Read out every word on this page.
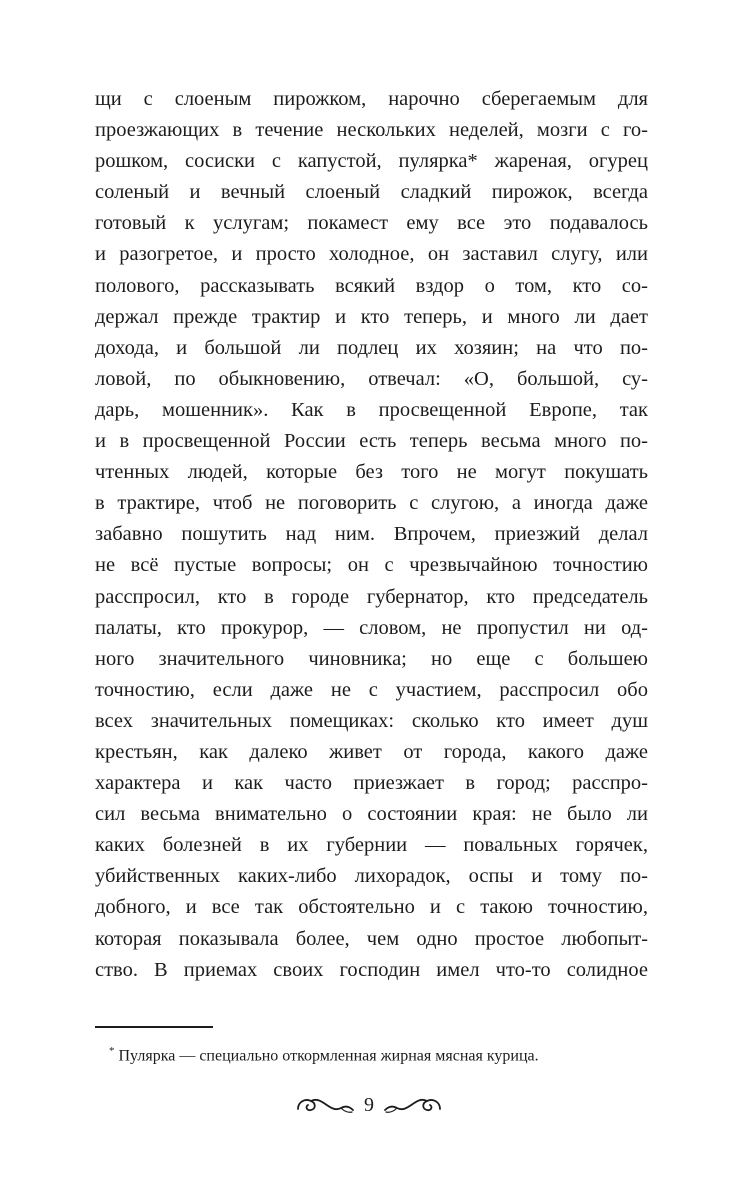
щи с слоеным пирожком, нарочно сберегаемым для
проезжающих в течение нескольких неделей, мозги с го-
рошком, сосиски с капустой, пулярка* жареная, огурец
соленый и вечный слоеный сладкий пирожок, всегда
готовый к услугам; покамест ему все это подавалось
и разогретое, и просто холодное, он заставил слугу, или
полового, рассказывать всякий вздор о том, кто со-
держал прежде трактир и кто теперь, и много ли дает
дохода, и большой ли подлец их хозяин; на что по-
ловой, по обыкновению, отвечал: «О, большой, су-
дарь, мошенник». Как в просвещенной Европе, так
и в просвещенной России есть теперь весьма много по-
чтенных людей, которые без того не могут покушать
в трактире, чтоб не поговорить с слугою, а иногда даже
забавно пошутить над ним. Впрочем, приезжий делал
не всё пустые вопросы; он с чрезвычайною точностию
расспросил, кто в городе губернатор, кто председатель
палаты, кто прокурор, — словом, не пропустил ни од-
ного значительного чиновника; но еще с большею
точностию, если даже не с участием, расспросил обо
всех значительных помещиках: сколько кто имеет душ
крестьян, как далеко живет от города, какого даже
характера и как часто приезжает в город; расспро-
сил весьма внимательно о состоянии края: не было ли
каких болезней в их губернии — повальных горячек,
убийственных каких-либо лихорадок, оспы и тому по-
добного, и все так обстоятельно и с такою точностию,
которая показывала более, чем одно простое любопыт-
ство. В приемах своих господин имел что-то солидное
* Пулярка — специально откормленная жирная мясная курица.
9
